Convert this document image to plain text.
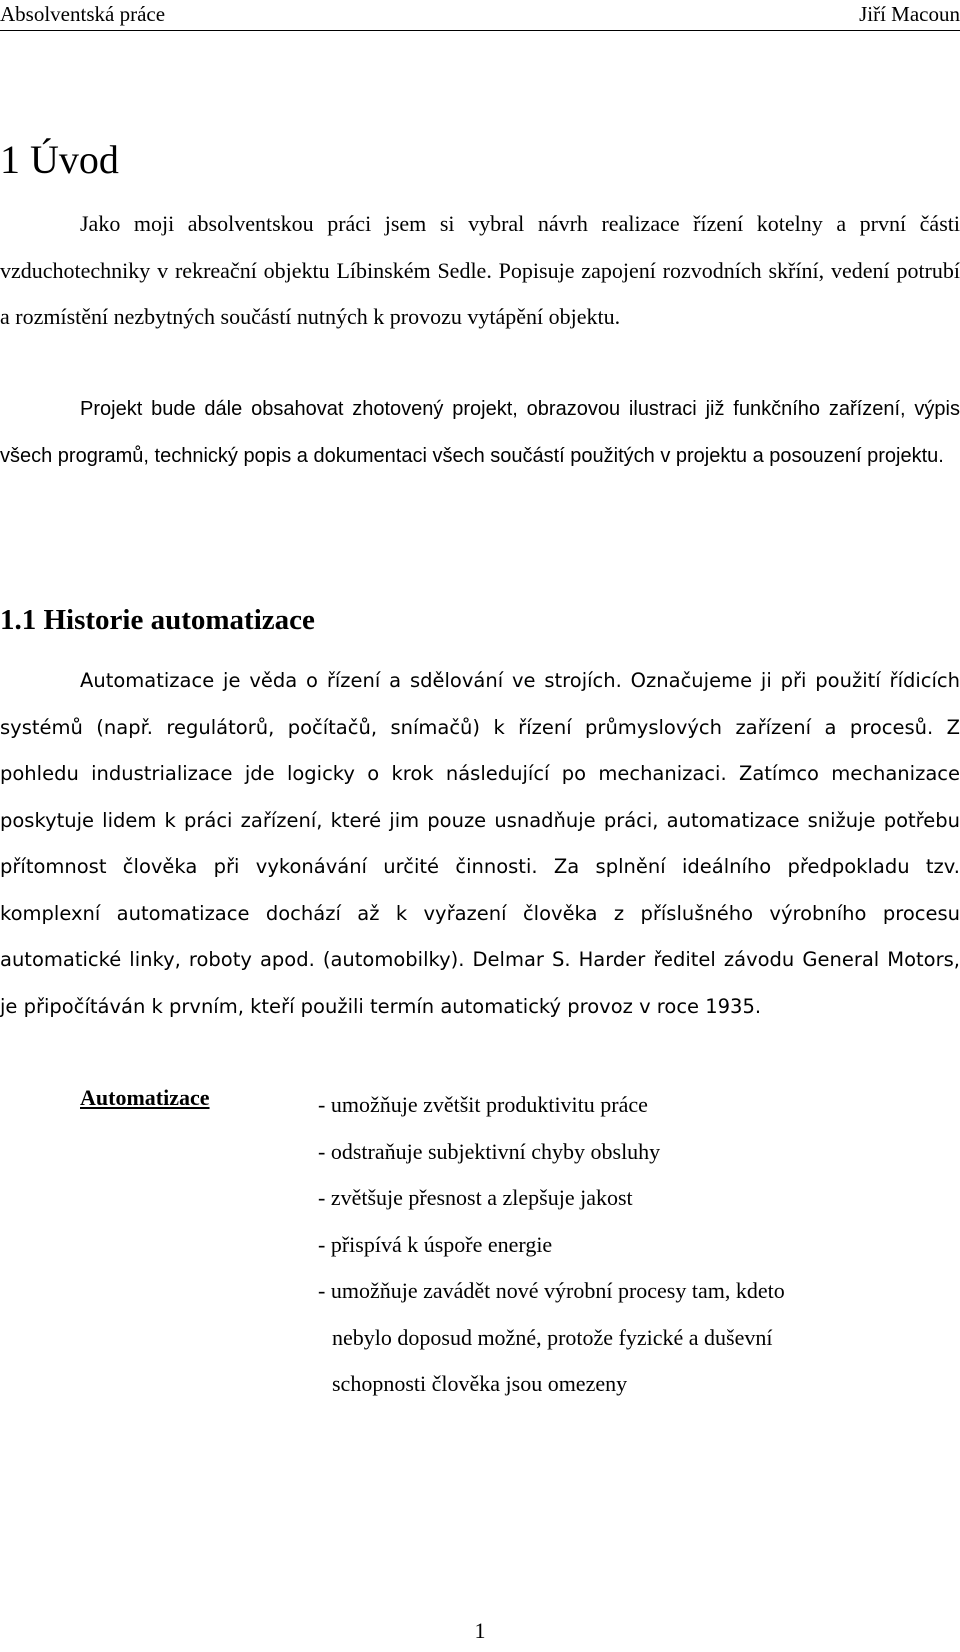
Absolventská práce	Jiří Macoun
1 Úvod

Jako moji absolventskou práci jsem si vybral návrh realizace řízení kotelny a první části vzduchotechniky v rekreační objektu Líbinském Sedle. Popisuje zapojení rozvodních skříní, vedení potrubí a rozmístění nezbytných součástí nutných k provozu vytápění objektu.

Projekt bude dále obsahovat zhotovený projekt, obrazovou ilustraci již funkčního zařízení, výpis všech programů, technický popis a dokumentaci všech součástí použitých v projektu a posouzení projektu.

1.1 Historie automatizace

Automatizace je věda o řízení a sdělování ve strojích. Označujeme ji při použití řídicích systémů (např. regulátorů, počítačů, snímačů) k řízení průmyslových zařízení a procesů. Z pohledu industrializace jde logicky o krok následující po mechanizaci. Zatímco mechanizace poskytuje lidem k práci zařízení, které jim pouze usnadňuje práci, automatizace snižuje potřebu přítomnost člověka při vykonávání určité činnosti. Za splnění ideálního předpokladu tzv. komplexní automatizace dochází až k vyřazení člověka z příslušného výrobního procesu automatické linky, roboty apod. (automobilky). Delmar S. Harder ředitel závodu General Motors, je připočítáván k prvním, kteří použili termín automatický provoz v roce 1935.

Automatizace	- umožňuje zvětšit produktivitu práce
- odstraňuje subjektivní chyby obsluhy
- zvětšuje přesnost a zlepšuje jakost
- přispívá k úspoře energie
- umožňuje zavádět nové výrobní procesy tam, kdeto
nebylo doposud možné, protože fyzické a duševní
schopnosti člověka jsou omezeny
1
